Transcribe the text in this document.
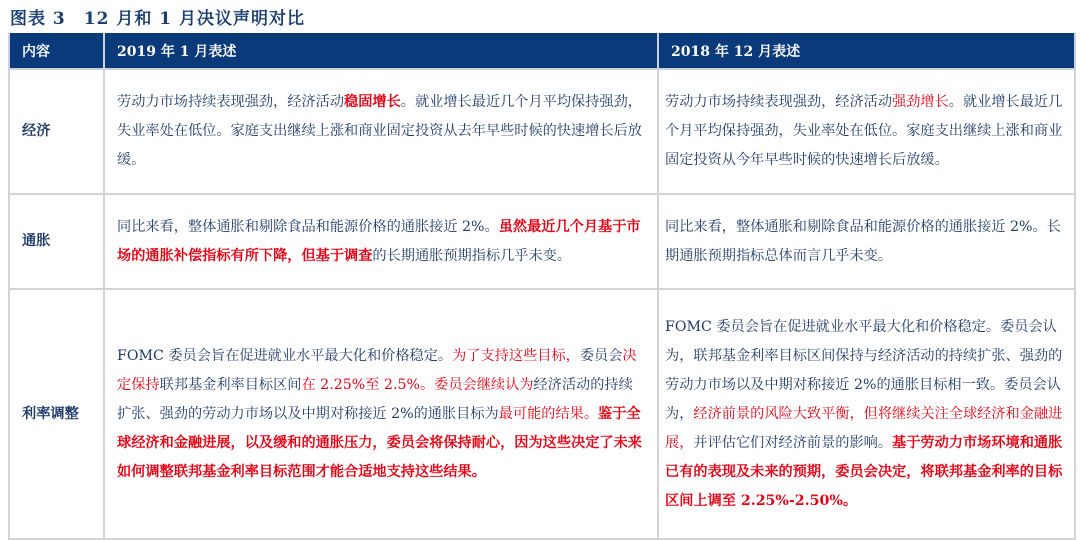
图表 3 12 月和 1 月决议声明对比
内容	2019 年 1 月表述	2018 年 12 月表述
经济	劳动力市场持续表现强劲，经济活动稳固增长。就业增长最近几个月平均保持强劲，失业率处在低位。家庭支出继续上涨和商业固定投资从去年早些时候的快速增长后放缓。	劳动力市场持续表现强劲，经济活动强劲增长。就业增长最近几个月平均保持强劲，失业率处在低位。家庭支出继续上涨和商业固定投资从今年早些时候的快速增长后放缓。
通胀	同比来看，整体通胀和剔除食品和能源价格的通胀接近 2%。虽然最近几个月基于市场的通胀补偿指标有所下降，但基于调查的长期通胀预期指标几乎未变。	同比来看，整体通胀和剔除食品和能源价格的通胀接近 2%。长期通胀预期指标总体而言几乎未变。
利率调整	FOMC 委员会旨在促进就业水平最大化和价格稳定。为了支持这些目标，委员会决定保持联邦基金利率目标区间在 2.25%至 2.5%。委员会继续认为经济活动的持续扩张、强劲的劳动力市场以及中期对称接近 2%的通胀目标为最可能的结果。鉴于全球经济和金融进展，以及缓和的通胀压力，委员会将保持耐心，因为这些决定了未来如何调整联邦基金利率目标范围才能合适地支持这些结果。	FOMC 委员会旨在促进就业水平最大化和价格稳定。委员会认为，联邦基金利率目标区间保持与经济活动的持续扩张、强劲的劳动力市场以及中期对称接近 2%的通胀目标相一致。委员会认为，经济前景的风险大致平衡，但将继续关注全球经济和金融进展，并评估它们对经济前景的影响。基于劳动力市场环境和通胀已有的表现及未来的预期，委员会决定，将联邦基金利率的目标区间上调至 2.25%-2.50%。
